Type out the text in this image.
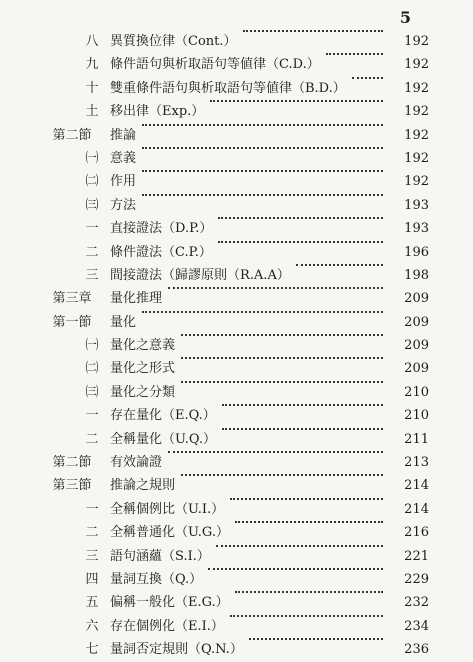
5
八 異質換位律（Cont.）	192
九 條件語句與析取語句等値律（C.D.）	192
十 雙重條件語句與析取語句等値律（B.D.）	192
土 移出律（Exp.）	192
第二節	推論	192
㈠ 意義	192
㈡ 作用	192
㈢ 方法	193
一 直接證法（D.P.）	193
二 條件證法（C.P.）	196
三 間接證法（歸謬原則（R.A.A）	198
第三章	量化推理	209
第一節	量化	209
㈠ 量化之意義	209
㈡ 量化之形式	209
㈢ 量化之分類	210
一 存在量化（E.Q.）	210
二 全稱量化（U.Q.）	211
第二節	有效論證	213
第三節	推論之規則	214
一 全稱個例比（U.I.）	214
二 全稱普通化（U.G.）	216
三 語句涵蘊（S.I.）	221
四 量詞互換（Q.）	229
五 偏稱一般化（E.G.）	232
六 存在個例化（E.I.）	234
七 量詞否定規則（Q.N.）	236
